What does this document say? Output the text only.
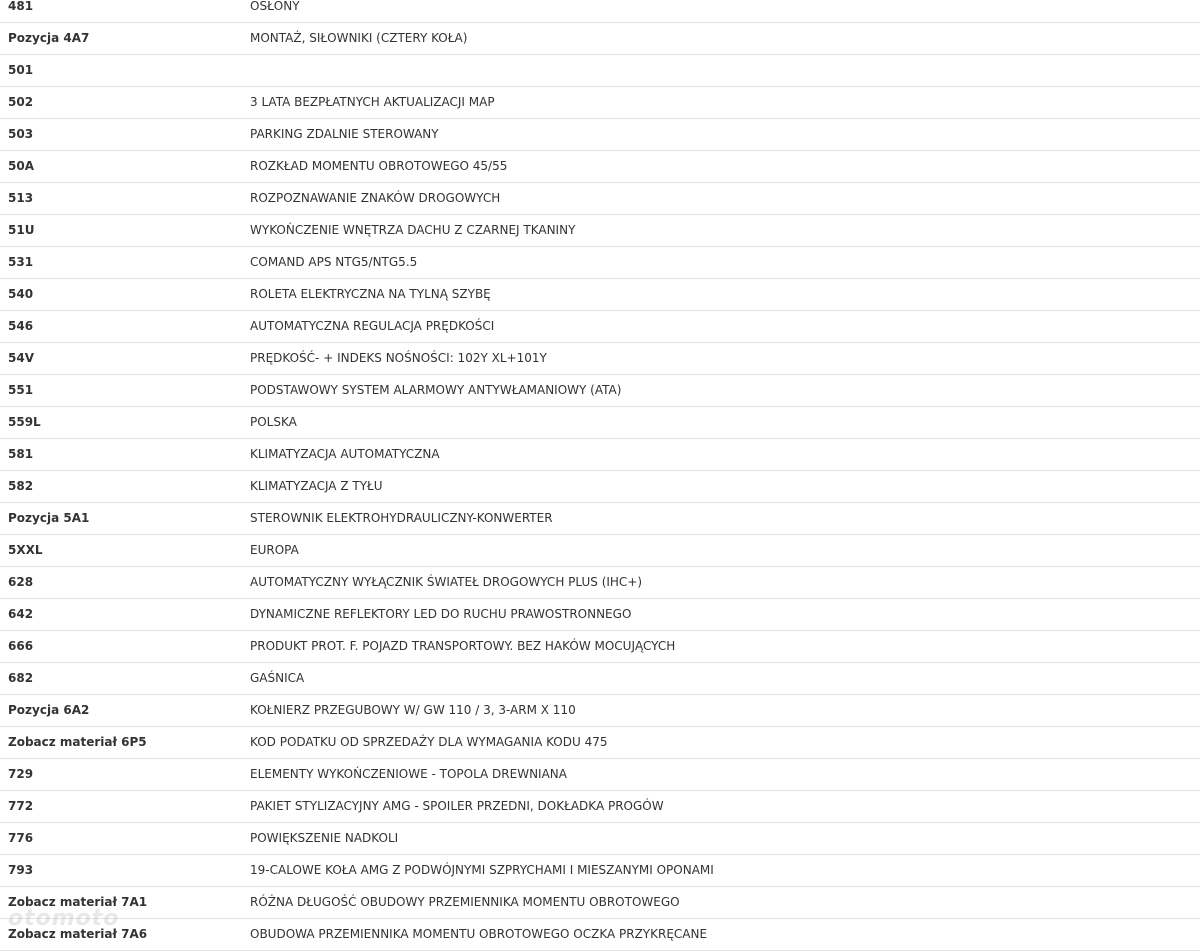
481	OSŁONY
Pozycja 4A7	MONTAŻ, SIŁOWNIKI (CZTERY KOŁA)
501
502	3 LATA BEZPŁATNYCH AKTUALIZACJI MAP
503	PARKING ZDALNIE STEROWANY
50A	ROZKŁAD MOMENTU OBROTOWEGO 45/55
513	ROZPOZNAWANIE ZNAKÓW DROGOWYCH
51U	WYKOŃCZENIE WNĘTRZA DACHU Z CZARNEJ TKANINY
531	COMAND APS NTG5/NTG5.5
540	ROLETA ELEKTRYCZNA NA TYLNĄ SZYBĘ
546	AUTOMATYCZNA REGULACJA PRĘDKOŚCI
54V	PRĘDKOŚĆ- + INDEKS NOŚNOŚCI: 102Y XL+101Y
551	PODSTAWOWY SYSTEM ALARMOWY ANTYWŁAMANIOWY (ATA)
559L	POLSKA
581	KLIMATYZACJA AUTOMATYCZNA
582	KLIMATYZACJA Z TYŁU
Pozycja 5A1	STEROWNIK ELEKTROHYDRAULICZNY-KONWERTER
5XXL	EUROPA
628	AUTOMATYCZNY WYŁĄCZNIK ŚWIATEŁ DROGOWYCH PLUS (IHC+)
642	DYNAMICZNE REFLEKTORY LED DO RUCHU PRAWOSTRONNEGO
666	PRODUKT PROT. F. POJAZD TRANSPORTOWY. BEZ HAKÓW MOCUJĄCYCH
682	GAŚNICA
Pozycja 6A2	KOŁNIERZ PRZEGUBOWY W/ GW 110 / 3, 3-ARM X 110
Zobacz materiał 6P5	KOD PODATKU OD SPRZEDAŻY DLA WYMAGANIA KODU 475
729	ELEMENTY WYKOŃCZENIOWE - TOPOLA DREWNIANA
772	PAKIET STYLIZACYJNY AMG - SPOILER PRZEDNI, DOKŁADKA PROGÓW
776	POWIĘKSZENIE NADKOLI
793	19-CALOWE KOŁA AMG Z PODWÓJNYMI SZPRYCHAMI I MIESZANYMI OPONAMI
Zobacz materiał 7A1	RÓŻNA DŁUGOŚĆ OBUDOWY PRZEMIENNIKA MOMENTU OBROTOWEGO
Zobacz materiał 7A6	OBUDOWA PRZEMIENNIKA MOMENTU OBROTOWEGO OCZKA PRZYKRĘCANE
otomoto
